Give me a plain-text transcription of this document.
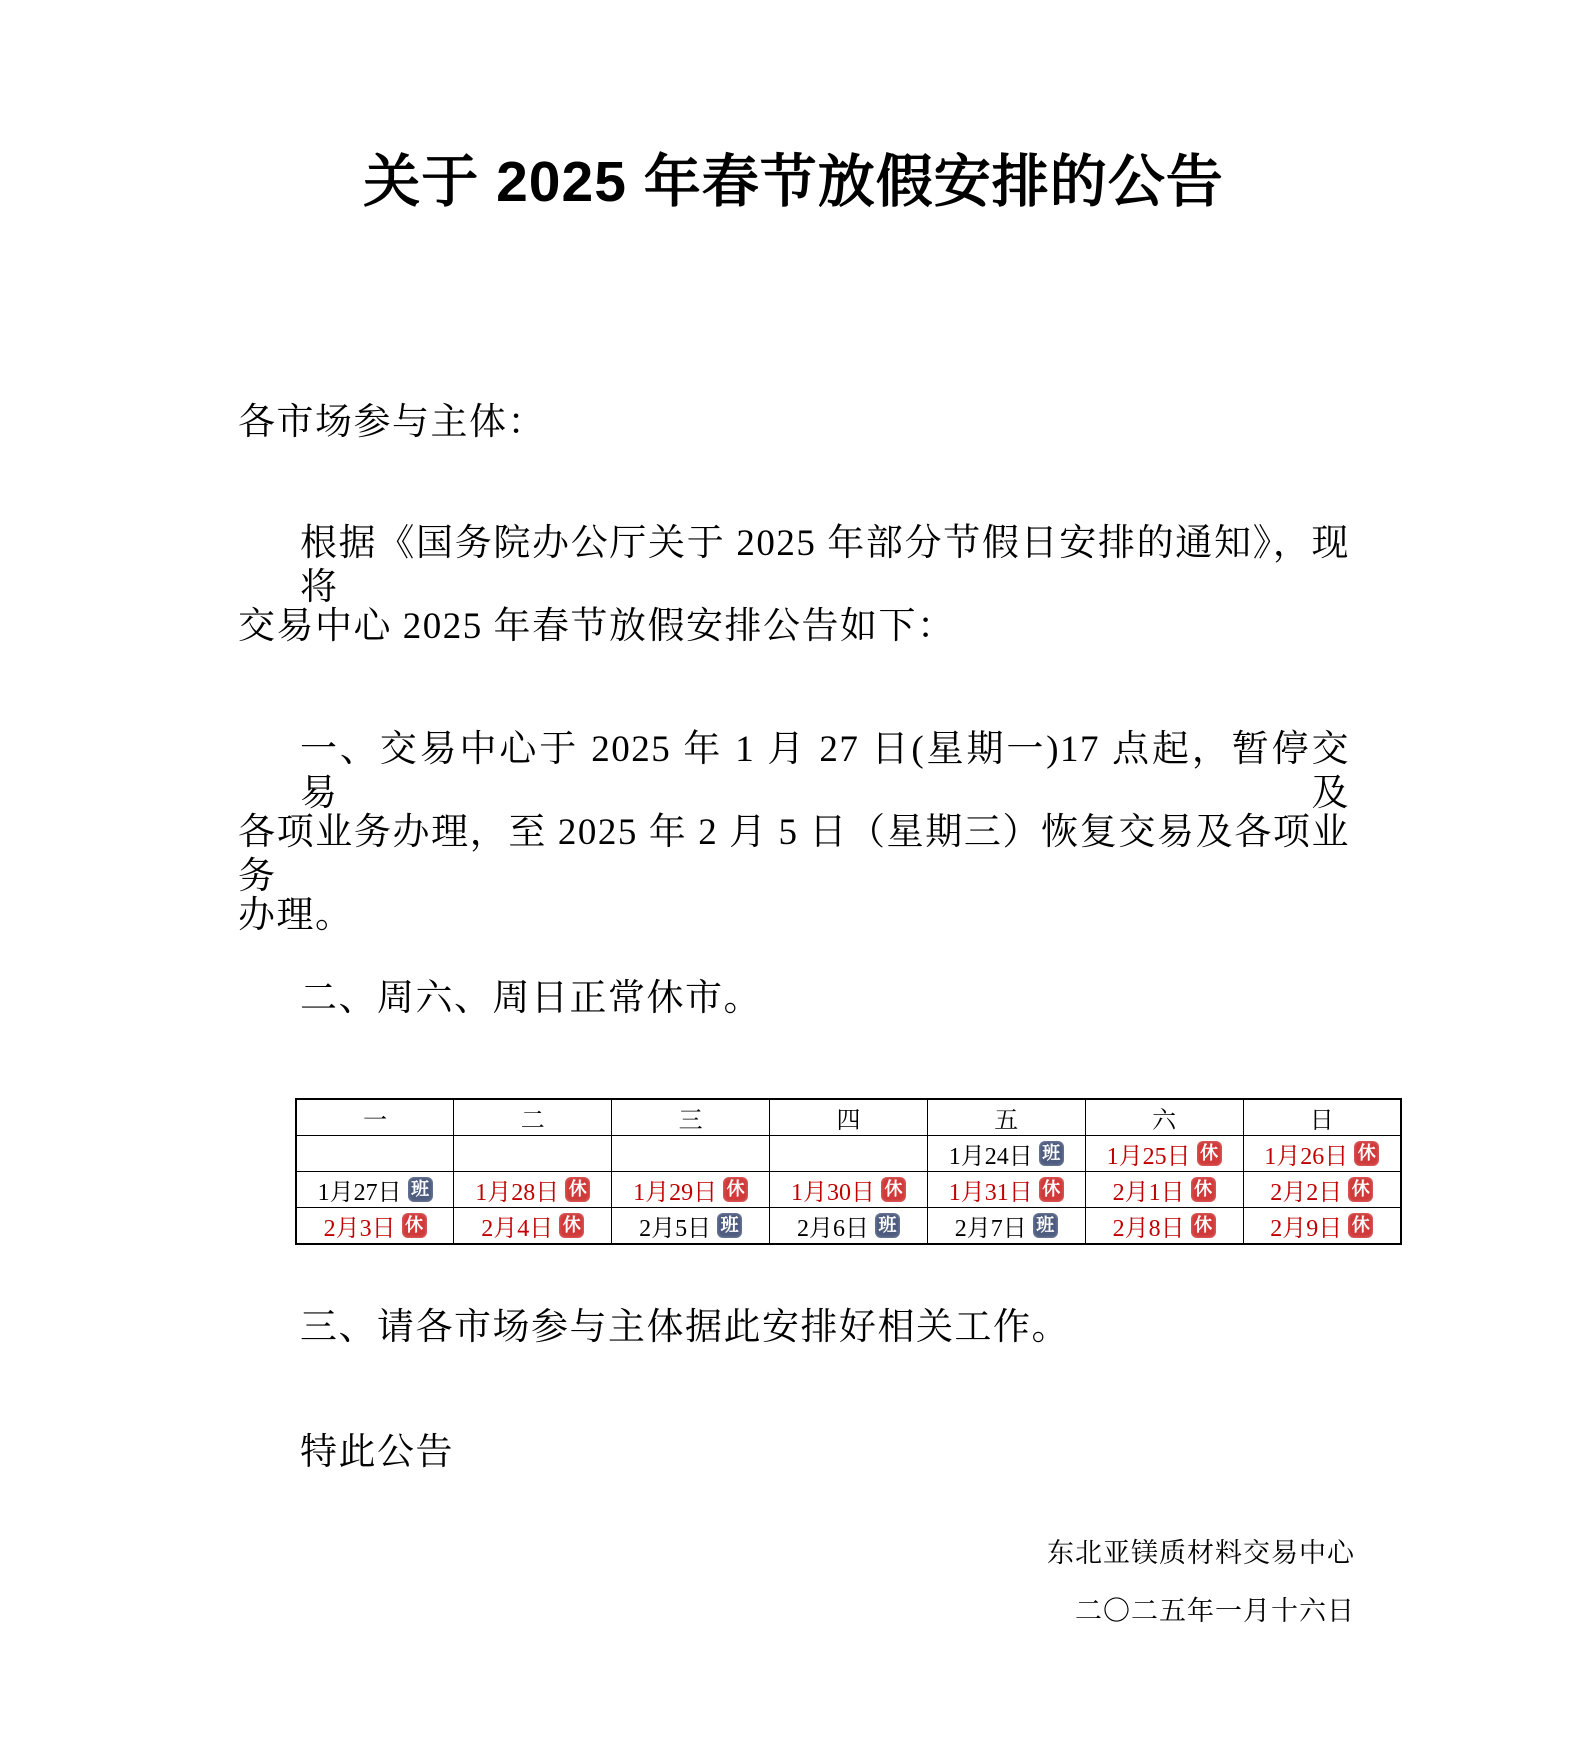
关于 2025 年春节放假安排的公告
各市场参与主体：
根据《国务院办公厅关于 2025 年部分节假日安排的通知》，现将
交易中心 2025 年春节放假安排公告如下：
一、交易中心于 2025 年 1 月 27 日(星期一)17 点起，暂停交易及
各项业务办理，至 2025 年 2 月 5 日（星期三）恢复交易及各项业务
办理。
二、周六、周日正常休市。
一	二	三	四	五	六	日
				1月24日 班	1月25日 休	1月26日 休
1月27日 班	1月28日 休	1月29日 休	1月30日 休	1月31日 休	2月1日 休	2月2日 休
2月3日 休	2月4日 休	2月5日 班	2月6日 班	2月7日 班	2月8日 休	2月9日 休
三、请各市场参与主体据此安排好相关工作。
特此公告
东北亚镁质材料交易中心
二〇二五年一月十六日
